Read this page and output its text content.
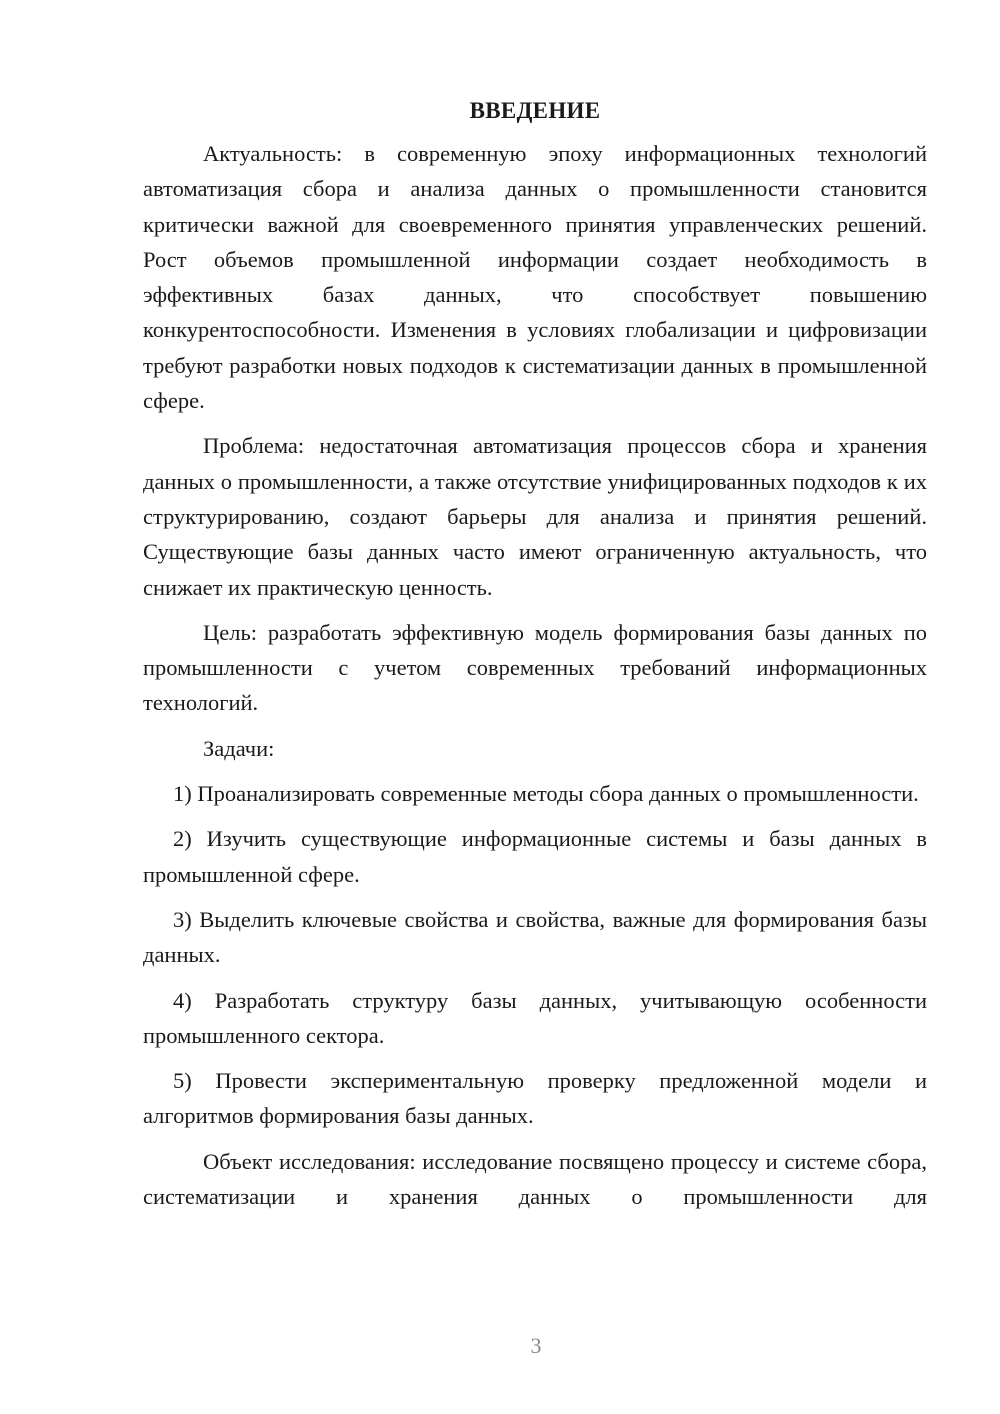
ВВЕДЕНИЕ

Актуальность: в современную эпоху информационных технологий автоматизация сбора и анализа данных о промышленности становится критически важной для своевременного принятия управленческих решений. Рост объемов промышленной информации создает необходимость в эффективных базах данных, что способствует повышению конкурентоспособности. Изменения в условиях глобализации и цифровизации требуют разработки новых подходов к систематизации данных в промышленной сфере.

Проблема: недостаточная автоматизация процессов сбора и хранения данных о промышленности, а также отсутствие унифицированных подходов к их структурированию, создают барьеры для анализа и принятия решений. Существующие базы данных часто имеют ограниченную актуальность, что снижает их практическую ценность.

Цель: разработать эффективную модель формирования базы данных по промышленности с учетом современных требований информационных технологий.

Задачи:

1) Проанализировать современные методы сбора данных о промышленности.

2) Изучить существующие информационные системы и базы данных в промышленной сфере.

3) Выделить ключевые свойства и свойства, важные для формирования базы данных.

4) Разработать структуру базы данных, учитывающую особенности промышленного сектора.

5) Провести экспериментальную проверку предложенной модели и алгоритмов формирования базы данных.

Объект исследования: исследование посвящено процессу и системе сбора, систематизации и хранения данных о промышленности для

3
